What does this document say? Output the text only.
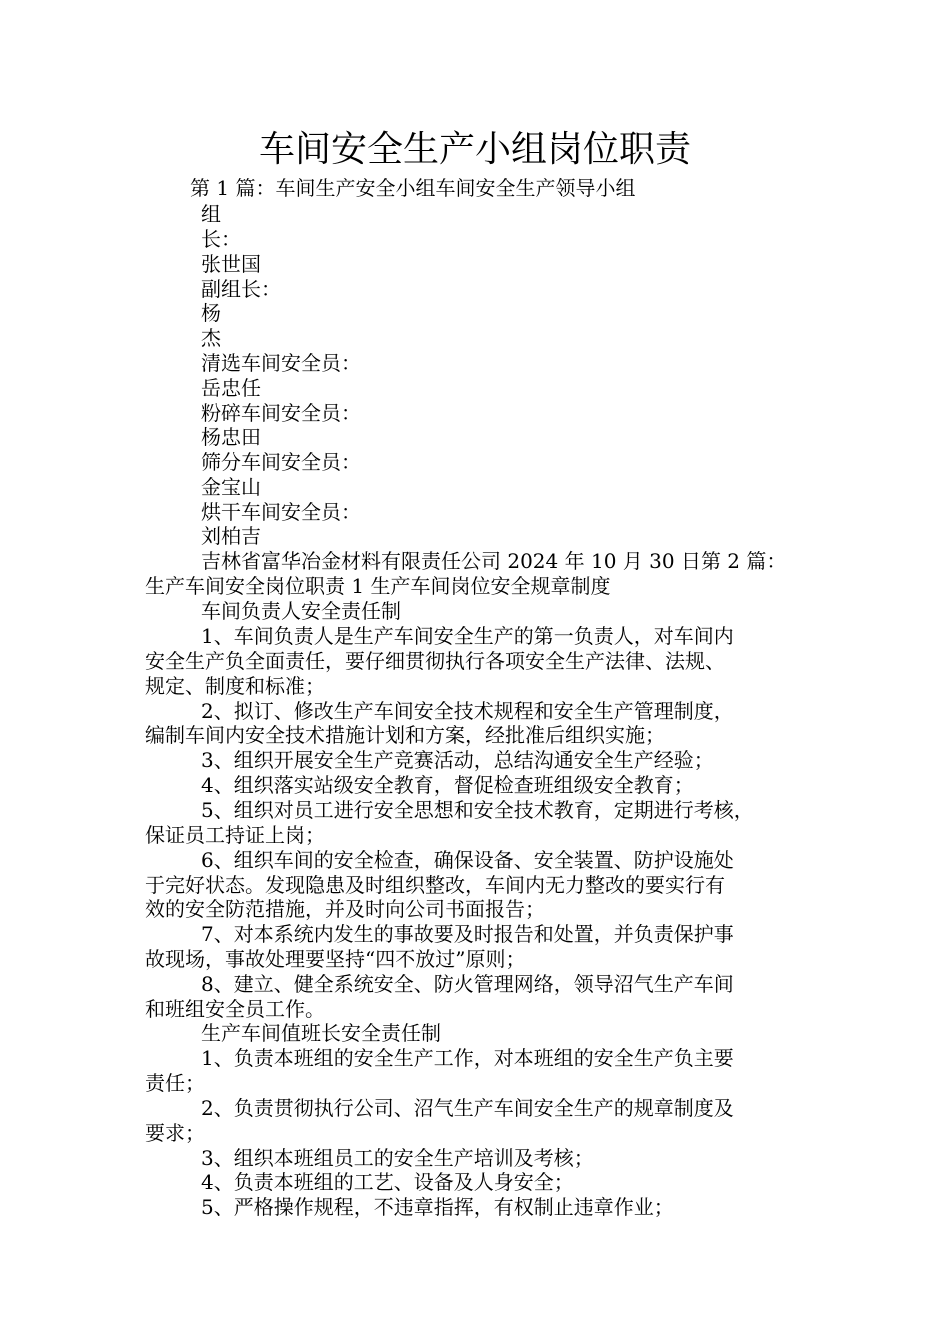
车间安全生产小组岗位职责

第 1 篇：车间生产安全小组车间安全生产领导小组

组

长：

张世国

副组长：

杨

杰

清选车间安全员：

岳忠任

粉碎车间安全员：

杨忠田

筛分车间安全员：

金宝山

烘干车间安全员：

刘柏吉

吉林省富华冶金材料有限责任公司 2024 年 10 月 30 日第 2 篇：

生产车间安全岗位职责 1 生产车间岗位安全规章制度

车间负责人安全责任制

1、车间负责人是生产车间安全生产的第一负责人，对车间内

安全生产负全面责任，要仔细贯彻执行各项安全生产法律、法规、

规定、制度和标准；

2、拟订、修改生产车间安全技术规程和安全生产管理制度，

编制车间内安全技术措施计划和方案，经批准后组织实施；

3、组织开展安全生产竞赛活动，总结沟通安全生产经验；

4、组织落实站级安全教育，督促检查班组级安全教育；

5、组织对员工进行安全思想和安全技术教育，定期进行考核，

保证员工持证上岗；

6、组织车间的安全检查，确保设备、安全装置、防护设施处

于完好状态。发现隐患及时组织整改，车间内无力整改的要实行有

效的安全防范措施，并及时向公司书面报告；

7、对本系统内发生的事故要及时报告和处置，并负责保护事

故现场，事故处理要坚持“四不放过”原则；

8、建立、健全系统安全、防火管理网络，领导沼气生产车间

和班组安全员工作。

生产车间值班长安全责任制

1、负责本班组的安全生产工作，对本班组的安全生产负主要

责任；

2、负责贯彻执行公司、沼气生产车间安全生产的规章制度及

要求；

3、组织本班组员工的安全生产培训及考核；

4、负责本班组的工艺、设备及人身安全；

5、严格操作规程，不违章指挥，有权制止违章作业；
